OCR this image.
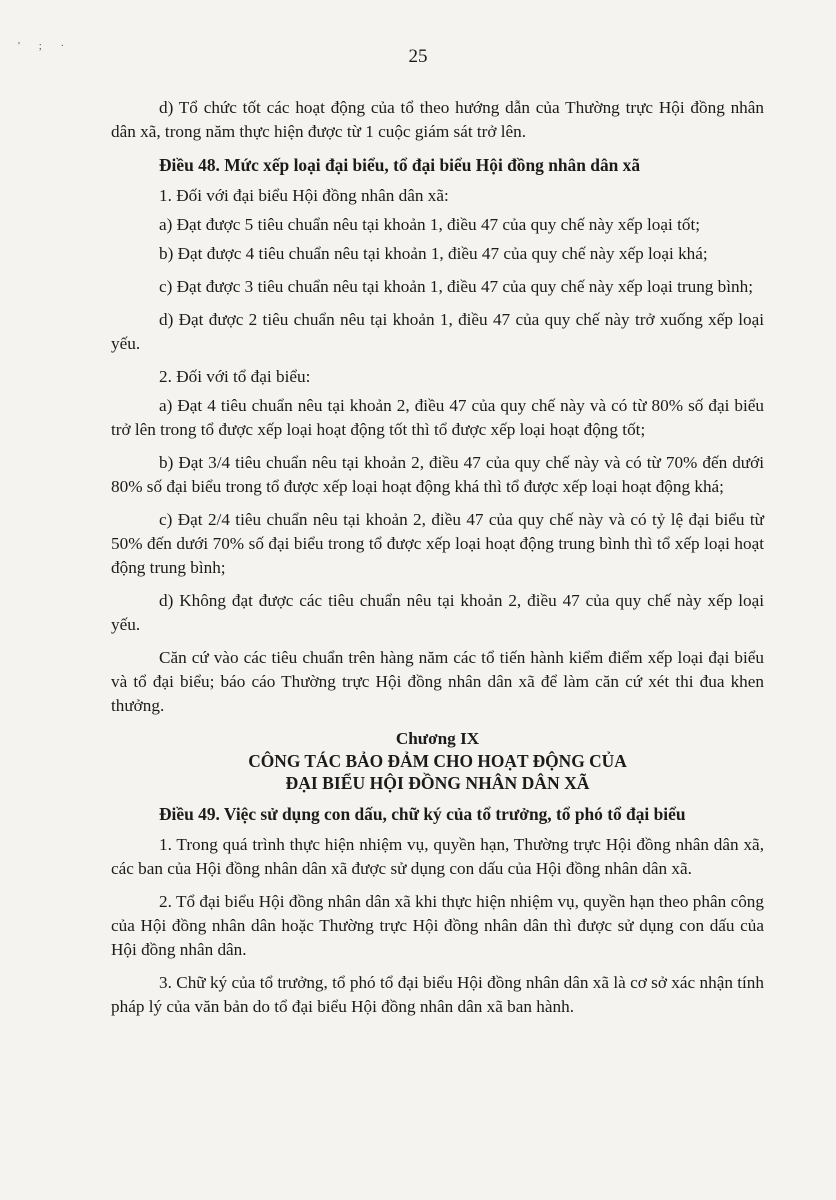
' ; ·	25

d) Tổ chức tốt các hoạt động của tổ theo hướng dẫn của Thường trực Hội đồng nhân dân xã, trong năm thực hiện được từ 1 cuộc giám sát trở lên.

Điều 48. Mức xếp loại đại biểu, tổ đại biểu Hội đồng nhân dân xã

1. Đối với đại biểu Hội đồng nhân dân xã:

a) Đạt được 5 tiêu chuẩn nêu tại khoản 1, điều 47 của quy chế này xếp loại tốt;

b) Đạt được 4 tiêu chuẩn nêu tại khoản 1, điều 47 của quy chế này xếp loại khá;

c) Đạt được 3 tiêu chuẩn nêu tại khoản 1, điều 47 của quy chế này xếp loại trung bình;

d) Đạt được 2 tiêu chuẩn nêu tại khoản 1, điều 47 của quy chế này trở xuống xếp loại yếu.

2. Đối với tổ đại biểu:

a) Đạt 4 tiêu chuẩn nêu tại khoản 2, điều 47 của quy chế này và có từ 80% số đại biểu trở lên trong tổ được xếp loại hoạt động tốt thì tổ được xếp loại hoạt động tốt;

b) Đạt 3/4 tiêu chuẩn nêu tại khoản 2, điều 47 của quy chế này và có từ 70% đến dưới 80% số đại biểu trong tổ được xếp loại hoạt động khá thì tổ được xếp loại hoạt động khá;

c) Đạt 2/4 tiêu chuẩn nêu tại khoản 2, điều 47 của quy chế này và có tỷ lệ đại biểu từ 50% đến dưới 70% số đại biểu trong tổ được xếp loại hoạt động trung bình thì tổ xếp loại hoạt động trung bình;

d) Không đạt được các tiêu chuẩn nêu tại khoản 2, điều 47 của quy chế này xếp loại yếu.

Căn cứ vào các tiêu chuẩn trên hàng năm các tổ tiến hành kiểm điểm xếp loại đại biểu và tổ đại biểu; báo cáo Thường trực Hội đồng nhân dân xã để làm căn cứ xét thi đua khen thưởng.

Chương IX
CÔNG TÁC BẢO ĐẢM CHO HOẠT ĐỘNG CỦA
ĐẠI BIỂU HỘI ĐỒNG NHÂN DÂN XÃ
Điều 49. Việc sử dụng con dấu, chữ ký của tổ trưởng, tổ phó tổ đại biểu

1. Trong quá trình thực hiện nhiệm vụ, quyền hạn, Thường trực Hội đồng nhân dân xã, các ban của Hội đồng nhân dân xã được sử dụng con dấu của Hội đồng nhân dân xã.

2. Tổ đại biểu Hội đồng nhân dân xã khi thực hiện nhiệm vụ, quyền hạn theo phân công của Hội đồng nhân dân hoặc Thường trực Hội đồng nhân dân thì được sử dụng con dấu của Hội đồng nhân dân.

3. Chữ ký của tổ trưởng, tổ phó tổ đại biểu Hội đồng nhân dân xã là cơ sở xác nhận tính pháp lý của văn bản do tổ đại biểu Hội đồng nhân dân xã ban hành.
